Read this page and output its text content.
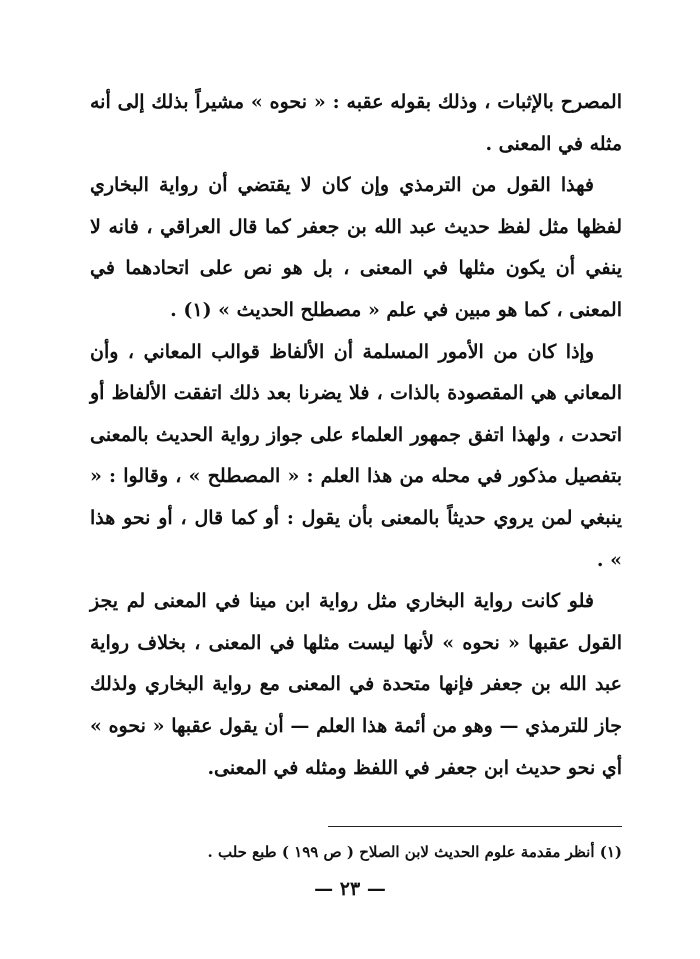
المصرح بالإثبات ، وذلك بقوله عقبه : « نحوه » مشيراً بذلك إلى أنه مثله في المعنى .

فهذا القول من الترمذي وإن كان لا يقتضي أن رواية البخاري لفظها مثل لفظ حديث عبد الله بن جعفر كما قال العراقي ، فانه لا ينفي أن يكون مثلها في المعنى ، بل هو نص على اتحادهما في المعنى ، كما هو مبين في علم « مصطلح الحديث » (١) .

وإذا كان من الأمور المسلمة أن الألفاظ قوالب المعاني ، وأن المعاني هي المقصودة بالذات ، فلا يضرنا بعد ذلك اتفقت الألفاظ أو اتحدت ، ولهذا اتفق جمهور العلماء على جواز رواية الحديث بالمعنى بتفصيل مذكور في محله من هذا العلم : « المصطلح » ، وقالوا : « ينبغي لمن يروي حديثاً بالمعنى بأن يقول : أو كما قال ، أو نحو هذا » .

فلو كانت رواية البخاري مثل رواية ابن مينا في المعنى لم يجز القول عقبها « نحوه » لأنها ليست مثلها في المعنى ، بخلاف رواية عبد الله بن جعفر فإنها متحدة في المعنى مع رواية البخاري ولذلك جاز للترمذي — وهو من أئمة هذا العلم — أن يقول عقبها « نحوه » أي نحو حديث ابن جعفر في اللفظ ومثله في المعنى.

(١) أنظر مقدمة علوم الحديث لابن الصلاح ( ص ١٩٩ ) طبع حلب .
— ٢٣ —
